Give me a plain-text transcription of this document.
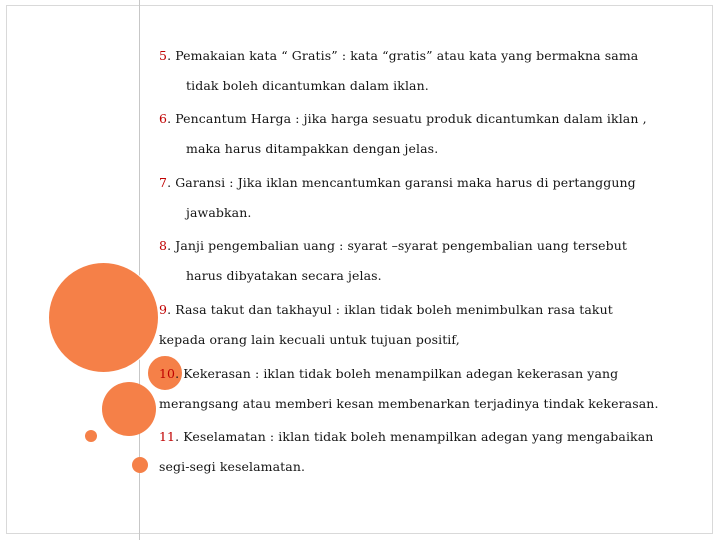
5. Pemakaian kata “ Gratis” : kata “gratis” atau kata yang bermakna sama
tidak boleh dicantumkan dalam iklan.
6. Pencantum Harga : jika harga sesuatu produk dicantumkan dalam iklan ,
maka harus ditampakkan dengan jelas.
7. Garansi : Jika iklan mencantumkan garansi maka harus di pertanggung
jawabkan.
8. Janji pengembalian uang : syarat –syarat pengembalian uang tersebut
harus dibyatakan secara jelas.
9. Rasa takut dan takhayul : iklan tidak boleh menimbulkan rasa takut
kepada orang lain kecuali untuk tujuan positif,
10. Kekerasan : iklan tidak boleh menampilkan adegan kekerasan yang
merangsang atau memberi kesan membenarkan terjadinya tindak kekerasan.
11. Keselamatan : iklan tidak boleh menampilkan adegan yang mengabaikan
segi-segi keselamatan.
